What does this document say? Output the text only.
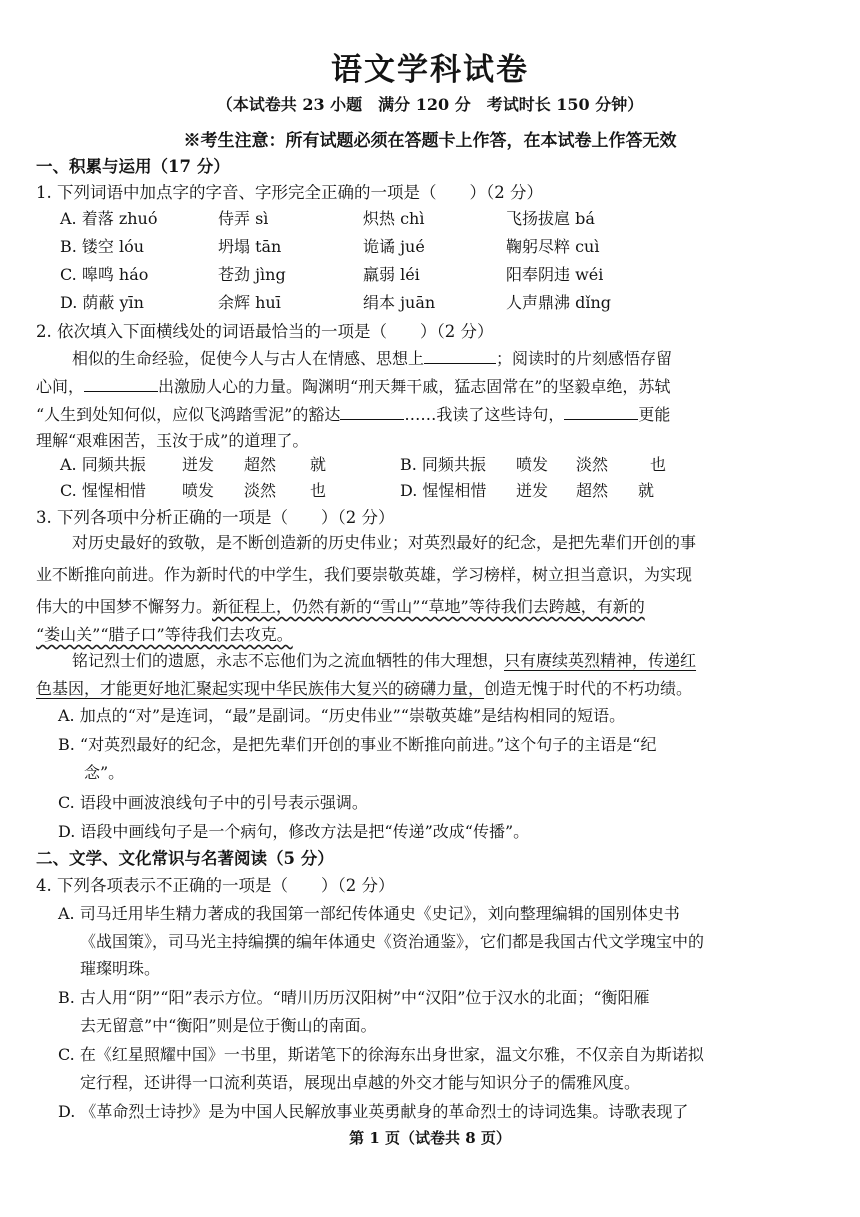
语文学科试卷
（本试卷共 23 小题　满分 120 分　考试时长 150 分钟）
※考生注意：所有试题必须在答题卡上作答，在本试卷上作答无效
一、积累与运用（17 分）
1. 下列词语中加点字的字音、字形完全正确的一项是（　　）（2 分）
A. 着落 zhuó	侍弄 sì	炽热 chì	飞扬拔扈 bá
B. 镂空 lóu	坍塌 tān	诡谲 jué	鞠躬尽粹 cuì
C. 嗥鸣 háo	苍劲 jìng	羸弱 léi	阳奉阴违 wéi
D. 荫蔽 yīn	余辉 huī	绢本 juān	人声鼎沸 dǐng
2. 依次填入下面横线处的词语最恰当的一项是（　　）（2 分）
相似的生命经验，促使今人与古人在情感、思想上	；阅读时的片刻感悟存留
心间，	出激励人心的力量。陶渊明“刑天舞干戚，猛志固常在”的坚毅卓绝，苏轼
“人生到处知何似，应似飞鸿踏雪泥”的豁达	……我读了这些诗句，	更能
理解“艰难困苦，玉汝于成”的道理了。
A. 同频共振 迸发 超然 就	B. 同频共振 喷发 淡然	也
C. 惺惺相惜 喷发 淡然 也	D. 惺惺相惜 迸发 超然 就
3. 下列各项中分析正确的一项是（　　）（2 分）
对历史最好的致敬，是不断创造新的历史伟业；对英烈最好的纪念，是把先辈们开创的事
业不断推向前进。作为新时代的中学生，我们要崇敬英雄，学习榜样，树立担当意识，为实现
伟大的中国梦不懈努力。新征程上，仍然有新的“雪山”“草地”等待我们去跨越，有新的
“娄山关”“腊子口”等待我们去攻克。
铭记烈士们的遗愿，永志不忘他们为之流血牺牲的伟大理想，只有赓续英烈精神，传递红
色基因，才能更好地汇聚起实现中华民族伟大复兴的磅礴力量，创造无愧于时代的不朽功绩。
A. 加点的“对”是连词，“最”是副词。“历史伟业”“崇敬英雄”是结构相同的短语。
B. “对英烈最好的纪念，是把先辈们开创的事业不断推向前进。”这个句子的主语是“纪
念”。
C. 语段中画波浪线句子中的引号表示强调。
D. 语段中画线句子是一个病句，修改方法是把“传递”改成“传播”。
二、文学、文化常识与名著阅读（5 分）
4. 下列各项表示不正确的一项是（　　）（2 分）
A. 司马迁用毕生精力著成的我国第一部纪传体通史《史记》，刘向整理编辑的国别体史书
《战国策》，司马光主持编撰的编年体通史《资治通鉴》，它们都是我国古代文学瑰宝中的
璀璨明珠。
B. 古人用“阴”“阳”表示方位。“晴川历历汉阳树”中“汉阳”位于汉水的北面；“衡阳雁
去无留意”中“衡阳”则是位于衡山的南面。
C. 在《红星照耀中国》一书里，斯诺笔下的徐海东出身世家，温文尔雅，不仅亲自为斯诺拟
定行程，还讲得一口流利英语，展现出卓越的外交才能与知识分子的儒雅风度。
D. 《革命烈士诗抄》是为中国人民解放事业英勇献身的革命烈士的诗词选集。诗歌表现了
第 1 页（试卷共 8 页）
